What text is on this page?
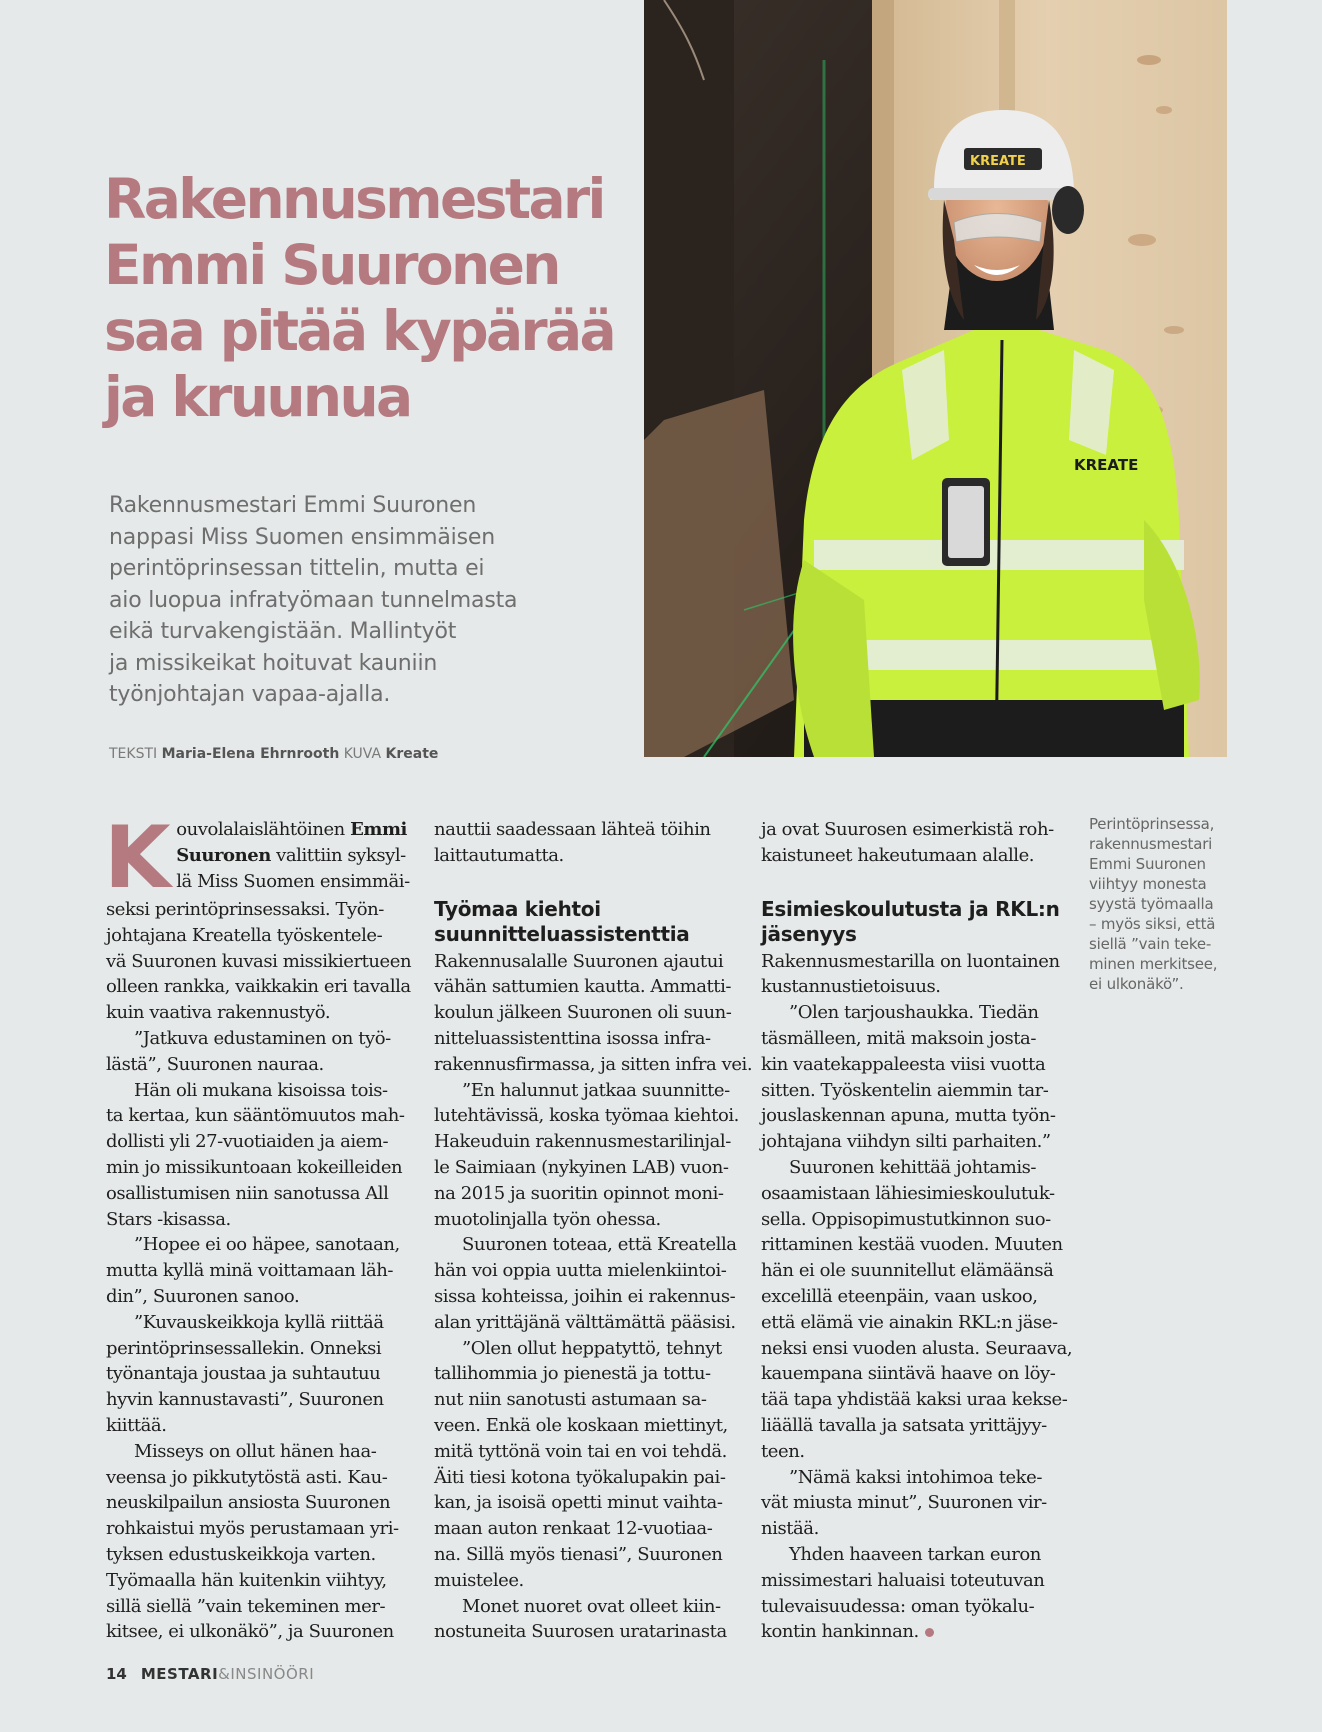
Rakennusmestari
Emmi Suuronen
saa pitää kypärää
ja kruunua

Rakennusmestari Emmi Suuronen
nappasi Miss Suomen ensimmäisen
perintöprinsessan tittelin, mutta ei
aio luopua infratyömaan tunnelmasta
eikä turvakengistään. Mallintyöt
ja missikeikat hoituvat kauniin
työnjohtajan vapaa-ajalla.

TEKSTI Maria-Elena Ehrnrooth KUVA Kreate

KREATE
KREATE
K ouvolalaislähtöinen Emmi
Suuronen valittiin syksyl-
lä Miss Suomen ensimmäi-
seksi perintöprinsessaksi. Työn-
johtajana Kreatella työskentele-
vä Suuronen kuvasi missikiertueen
olleen rankka, vaikkakin eri tavalla
kuin vaativa rakennustyö.
”Jatkuva edustaminen on työ-
lästä”, Suuronen nauraa.
Hän oli mukana kisoissa tois-
ta kertaa, kun sääntömuutos mah-
dollisti yli 27-vuotiaiden ja aiem-
min jo missikuntoaan kokeilleiden
osallistumisen niin sanotussa All
Stars -kisassa.
”Hopee ei oo häpee, sanotaan,
mutta kyllä minä voittamaan läh-
din”, Suuronen sanoo.
”Kuvauskeikkoja kyllä riittää
perintöprinsessallekin. Onneksi
työnantaja joustaa ja suhtautuu
hyvin kannustavasti”, Suuronen
kiittää.
Misseys on ollut hänen haa-
veensa jo pikkutytöstä asti. Kau-
neuskilpailun ansiosta Suuronen
rohkaistui myös perustamaan yri-
tyksen edustuskeikkoja varten.
Työmaalla hän kuitenkin viihtyy,
sillä siellä ”vain tekeminen mer-
kitsee, ei ulkonäkö”, ja Suuronen
nauttii saadessaan lähteä töihin
laittautumatta.
Työmaa kiehtoi
suunnitteluassistenttia
Rakennusalalle Suuronen ajautui
vähän sattumien kautta. Ammatti-
koulun jälkeen Suuronen oli suun-
nitteluassistenttina isossa infra-
rakennusfirmassa, ja sitten infra vei.
”En halunnut jatkaa suunnitte-
lutehtävissä, koska työmaa kiehtoi.
Hakeuduin rakennusmestarilinjal-
le Saimiaan (nykyinen LAB) vuon-
na 2015 ja suoritin opinnot moni-
muotolinjalla työn ohessa.
Suuronen toteaa, että Kreatella
hän voi oppia uutta mielenkiintoi-
sissa kohteissa, joihin ei rakennus-
alan yrittäjänä välttämättä pääsisi.
”Olen ollut heppatyttö, tehnyt
tallihommia jo pienestä ja tottu-
nut niin sanotusti astumaan sa-
veen. Enkä ole koskaan miettinyt,
mitä tyttönä voin tai en voi tehdä.
Äiti tiesi kotona työkalupakin pai-
kan, ja isoisä opetti minut vaihta-
maan auton renkaat 12-vuotiaa-
na. Sillä myös tienasi”, Suuronen
muistelee.
Monet nuoret ovat olleet kiin-
nostuneita Suurosen uratarinasta
ja ovat Suurosen esimerkistä roh-
kaistuneet hakeutumaan alalle.
Esimieskoulutusta ja RKL:n
jäsenyys
Rakennusmestarilla on luontainen
kustannustietoisuus.
”Olen tarjoushaukka. Tiedän
täsmälleen, mitä maksoin josta-
kin vaatekappaleesta viisi vuotta
sitten. Työskentelin aiemmin tar-
jouslaskennan apuna, mutta työn-
johtajana viihdyn silti parhaiten.”
Suuronen kehittää johtamis-
osaamistaan lähiesimieskoulutuk-
sella. Oppisopimustutkinnon suo-
rittaminen kestää vuoden. Muuten
hän ei ole suunnitellut elämäänsä
excelillä eteenpäin, vaan uskoo,
että elämä vie ainakin RKL:n jäse-
neksi ensi vuoden alusta. Seuraava,
kauempana siintävä haave on löy-
tää tapa yhdistää kaksi uraa kekse-
liäällä tavalla ja satsata yrittäjyy-
teen.
”Nämä kaksi intohimoa teke-
vät miusta minut”, Suuronen vir-
nistää.
Yhden haaveen tarkan euron
missimestari haluaisi toteutuvan
tulevaisuudessa: oman työkalu-
kontin hankinnan.
Perintöprinsessa,
rakennusmestari
Emmi Suuronen
viihtyy monesta
syystä työmaalla
– myös siksi, että
siellä ”vain teke-
minen merkitsee,
ei ulkonäkö”.
14 MESTARI&INSINÖÖRI
